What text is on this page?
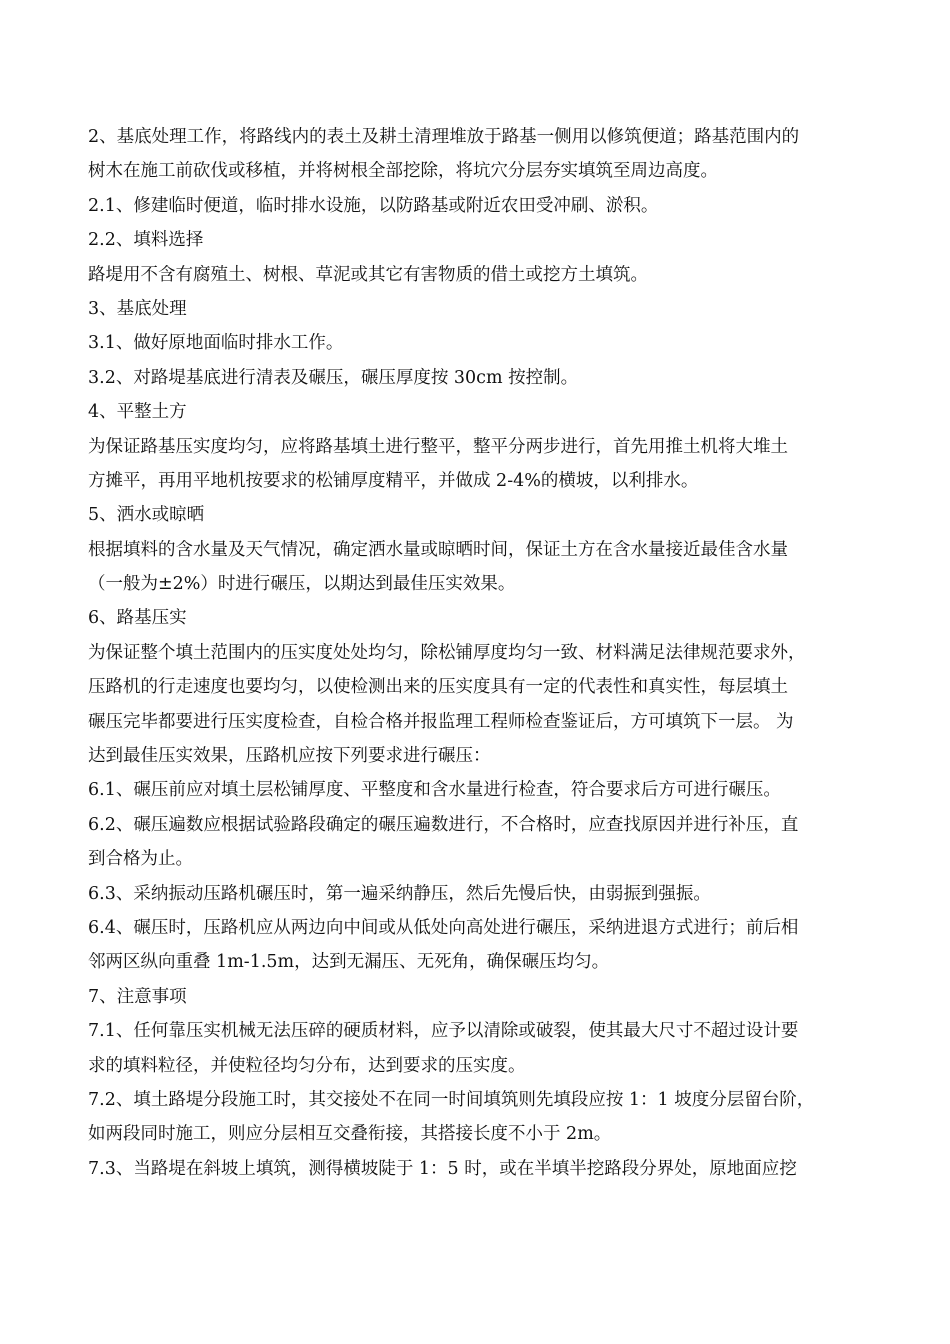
2、基底处理工作，将路线内的表土及耕土清理堆放于路基一侧用以修筑便道；路基范围内的
树木在施工前砍伐或移植，并将树根全部挖除，将坑穴分层夯实填筑至周边高度。
2.1、修建临时便道，临时排水设施，以防路基或附近农田受冲刷、淤积。
2.2、填料选择
路堤用不含有腐殖土、树根、草泥或其它有害物质的借土或挖方土填筑。
3、基底处理
3.1、做好原地面临时排水工作。
3.2、对路堤基底进行清表及碾压，碾压厚度按 30cm 按控制。
4、平整土方
为保证路基压实度均匀，应将路基填土进行整平，整平分两步进行，首先用推土机将大堆土
方摊平，再用平地机按要求的松铺厚度精平，并做成 2-4%的横坡，以利排水。
5、洒水或晾晒
根据填料的含水量及天气情况，确定洒水量或晾晒时间，保证土方在含水量接近最佳含水量
（一般为±2%）时进行碾压，以期达到最佳压实效果。
6、路基压实
为保证整个填土范围内的压实度处处均匀，除松铺厚度均匀一致、材料满足法律规范要求外，
压路机的行走速度也要均匀，以使检测出来的压实度具有一定的代表性和真实性，每层填土
碾压完毕都要进行压实度检查，自检合格并报监理工程师检查鉴证后，方可填筑下一层。 为
达到最佳压实效果，压路机应按下列要求进行碾压：
6.1、碾压前应对填土层松铺厚度、平整度和含水量进行检查，符合要求后方可进行碾压。
6.2、碾压遍数应根据试验路段确定的碾压遍数进行，不合格时，应查找原因并进行补压，直
到合格为止。
6.3、采纳振动压路机碾压时，第一遍采纳静压，然后先慢后快，由弱振到强振。
6.4、碾压时，压路机应从两边向中间或从低处向高处进行碾压，采纳进退方式进行；前后相
邻两区纵向重叠 1m-1.5m，达到无漏压、无死角，确保碾压均匀。
7、注意事项
7.1、任何靠压实机械无法压碎的硬质材料，应予以清除或破裂，使其最大尺寸不超过设计要
求的填料粒径，并使粒径均匀分布，达到要求的压实度。
7.2、填土路堤分段施工时，其交接处不在同一时间填筑则先填段应按 1：1 坡度分层留台阶，
如两段同时施工，则应分层相互交叠衔接，其搭接长度不小于 2m。
7.3、当路堤在斜坡上填筑，测得横坡陡于 1：5 时，或在半填半挖路段分界处，原地面应挖
